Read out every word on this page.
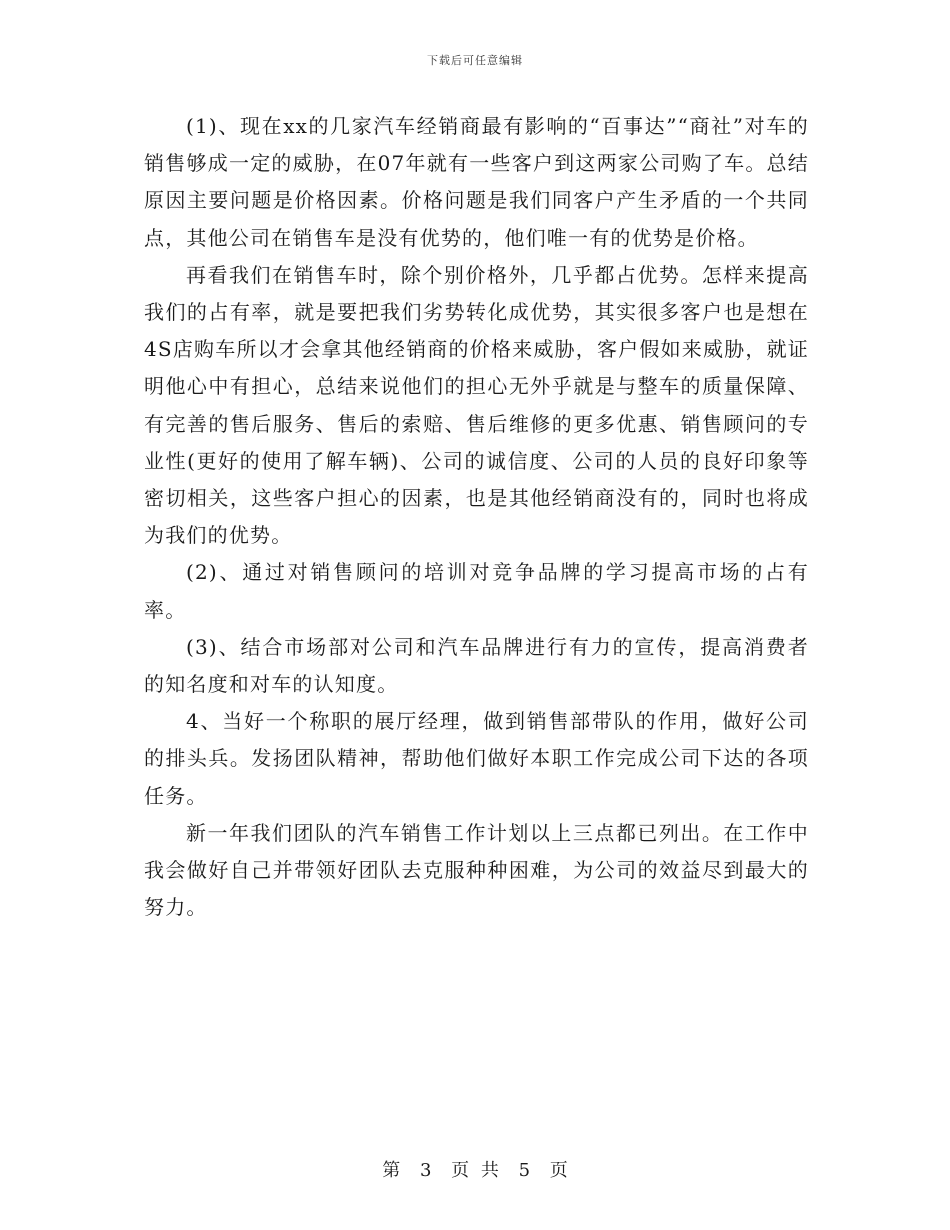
下载后可任意编辑

(1)、现在xx的几家汽车经销商最有影响的“百事达”“商社”对车的销售够成一定的威胁，在07年就有一些客户到这两家公司购了车。总结原因主要问题是价格因素。价格问题是我们同客户产生矛盾的一个共同点，其他公司在销售车是没有优势的，他们唯一有的优势是价格。

再看我们在销售车时，除个别价格外，几乎都占优势。怎样来提高我们的占有率，就是要把我们劣势转化成优势，其实很多客户也是想在4S店购车所以才会拿其他经销商的价格来威胁，客户假如来威胁，就证明他心中有担心，总结来说他们的担心无外乎就是与整车的质量保障、有完善的售后服务、售后的索赔、售后维修的更多优惠、销售顾问的专业性(更好的使用了解车辆)、公司的诚信度、公司的人员的良好印象等密切相关，这些客户担心的因素，也是其他经销商没有的，同时也将成为我们的优势。

(2)、通过对销售顾问的培训对竞争品牌的学习提高市场的占有率。

(3)、结合市场部对公司和汽车品牌进行有力的宣传，提高消费者的知名度和对车的认知度。

4、当好一个称职的展厅经理，做到销售部带队的作用，做好公司的排头兵。发扬团队精神，帮助他们做好本职工作完成公司下达的各项任务。

新一年我们团队的汽车销售工作计划以上三点都已列出。在工作中我会做好自己并带领好团队去克服种种困难，为公司的效益尽到最大的努力。

第 3 页 共 5 页
